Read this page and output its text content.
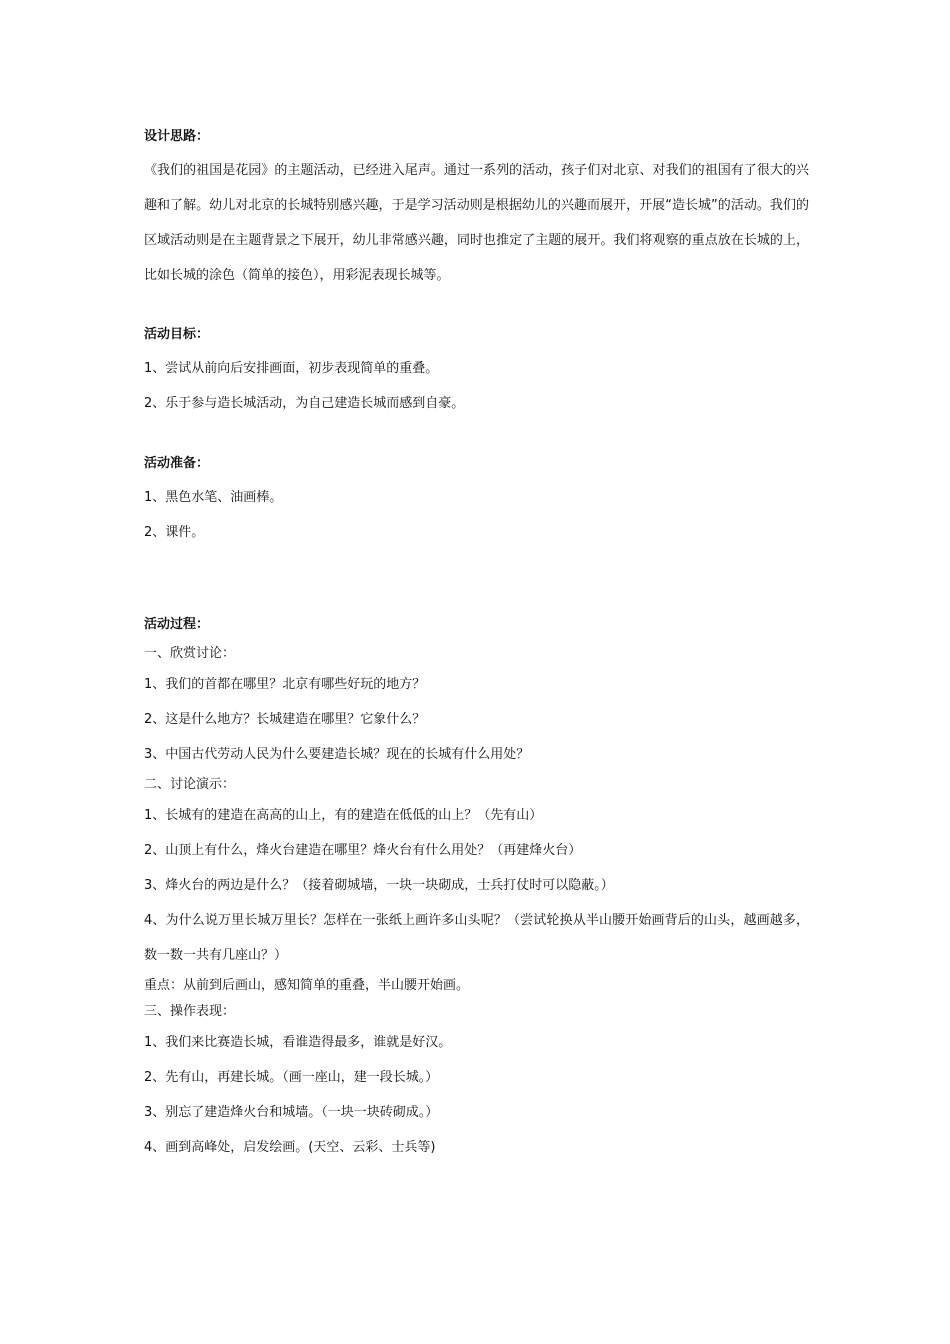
设计思路：

《我们的祖国是花园》的主题活动，已经进入尾声。通过一系列的活动，孩子们对北京、对我们的祖国有了很大的兴趣和了解。幼儿对北京的长城特别感兴趣，于是学习活动则是根据幼儿的兴趣而展开，开展“造长城”的活动。我们的区域活动则是在主题背景之下展开，幼儿非常感兴趣，同时也推定了主题的展开。我们将观察的重点放在长城的上，比如长城的涂色（简单的接色），用彩泥表现长城等。

活动目标：

1、尝试从前向后安排画面，初步表现简单的重叠。

2、乐于参与造长城活动，为自己建造长城而感到自豪。

活动准备：

1、黑色水笔、油画棒。

2、课件。

活动过程：

一、欣赏讨论：

1、我们的首都在哪里？北京有哪些好玩的地方？

2、这是什么地方？长城建造在哪里？它象什么？

3、中国古代劳动人民为什么要建造长城？现在的长城有什么用处？

二、讨论演示：

1、长城有的建造在高高的山上，有的建造在低低的山上？（先有山）

2、山顶上有什么，烽火台建造在哪里？烽火台有什么用处？（再建烽火台）

3、烽火台的两边是什么？（接着砌城墙，一块一块砌成，士兵打仗时可以隐蔽。）

4、为什么说万里长城万里长？怎样在一张纸上画许多山头呢？（尝试轮换从半山腰开始画背后的山头，越画越多，数一数一共有几座山？）

重点：从前到后画山，感知简单的重叠，半山腰开始画。

三、操作表现：

1、我们来比赛造长城，看谁造得最多，谁就是好汉。

2、先有山，再建长城。（画一座山，建一段长城。）

3、别忘了建造烽火台和城墙。（一块一块砖砌成。）

4、画到高峰处，启发绘画。(天空、云彩、士兵等)
